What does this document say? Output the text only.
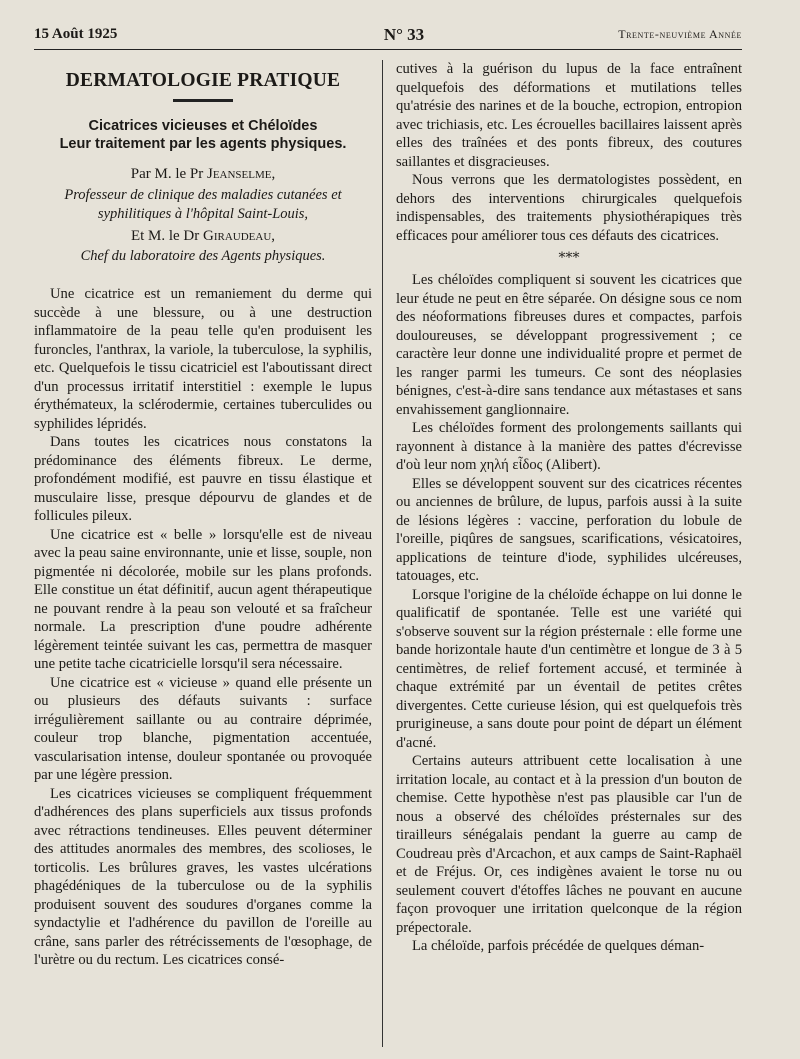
15 Août 1925	N° 33	Trente-neuvième Année
DERMATOLOGIE PRATIQUE
Cicatrices vicieuses et Chéloïdes
Leur traitement par les agents physiques.
Par M. le Pr Jeanselme,
Professeur de clinique des maladies cutanées et syphilitiques à l'hôpital Saint-Louis,
Et M. le Dr Giraudeau,
Chef du laboratoire des Agents physiques.

Une cicatrice est un remaniement du derme qui succède à une blessure, ou à une destruction inflammatoire de la peau telle qu'en produisent les furoncles, l'anthrax, la variole, la tuberculose, la syphilis, etc. Quelquefois le tissu cicatriciel est l'aboutissant direct d'un processus irritatif interstitiel : exemple le lupus érythémateux, la sclérodermie, certaines tuberculides ou syphilides lépridés.

Dans toutes les cicatrices nous constatons la prédominance des éléments fibreux. Le derme, profondément modifié, est pauvre en tissu élastique et musculaire lisse, presque dépourvu de glandes et de follicules pileux.

Une cicatrice est « belle » lorsqu'elle est de niveau avec la peau saine environnante, unie et lisse, souple, non pigmentée ni décolorée, mobile sur les plans profonds. Elle constitue un état définitif, aucun agent thérapeutique ne pouvant rendre à la peau son velouté et sa fraîcheur normale. La prescription d'une poudre adhérente légèrement teintée suivant les cas, permettra de masquer une petite tache cicatricielle lorsqu'il sera nécessaire.

Une cicatrice est « vicieuse » quand elle présente un ou plusieurs des défauts suivants : surface irrégulièrement saillante ou au contraire déprimée, couleur trop blanche, pigmentation accentuée, vascularisation intense, douleur spontanée ou provoquée par une légère pression.

Les cicatrices vicieuses se compliquent fréquemment d'adhérences des plans superficiels aux tissus profonds avec rétractions tendineuses. Elles peuvent déterminer des attitudes anormales des membres, des scolioses, le torticolis. Les brûlures graves, les vastes ulcérations phagédéniques de la tuberculose ou de la syphilis produisent souvent des soudures d'organes comme la syndactylie et l'adhérence du pavillon de l'oreille au crâne, sans parler des rétrécissements de l'œsophage, de l'urètre ou du rectum. Les cicatrices consé-

cutives à la guérison du lupus de la face entraînent quelquefois des déformations et mutilations telles qu'atrésie des narines et de la bouche, ectropion, entropion avec trichiasis, etc. Les écrouelles bacillaires laissent après elles des traînées et des ponts fibreux, des coutures saillantes et disgracieuses.

Nous verrons que les dermatologistes possèdent, en dehors des interventions chirurgicales quelquefois indispensables, des traitements physiothérapiques très efficaces pour améliorer tous ces défauts des cicatrices.

***

Les chéloïdes compliquent si souvent les cicatrices que leur étude ne peut en être séparée. On désigne sous ce nom des néoformations fibreuses dures et compactes, parfois douloureuses, se développant progressivement ; ce caractère leur donne une individualité propre et permet de les ranger parmi les tumeurs. Ce sont des néoplasies bénignes, c'est-à-dire sans tendance aux métastases et sans envahissement ganglionnaire.

Les chéloïdes forment des prolongements saillants qui rayonnent à distance à la manière des pattes d'écrevisse d'où leur nom χηλή εἶδος (Alibert).

Elles se développent souvent sur des cicatrices récentes ou anciennes de brûlure, de lupus, parfois aussi à la suite de lésions légères : vaccine, perforation du lobule de l'oreille, piqûres de sangsues, scarifications, vésicatoires, applications de teinture d'iode, syphilides ulcéreuses, tatouages, etc.

Lorsque l'origine de la chéloïde échappe on lui donne le qualificatif de spontanée. Telle est une variété qui s'observe souvent sur la région présternale : elle forme une bande horizontale haute d'un centimètre et longue de 3 à 5 centimètres, de relief fortement accusé, et terminée à chaque extrémité par un éventail de petites crêtes divergentes. Cette curieuse lésion, qui est quelquefois très prurigineuse, a sans doute pour point de départ un élément d'acné.

Certains auteurs attribuent cette localisation à une irritation locale, au contact et à la pression d'un bouton de chemise. Cette hypothèse n'est pas plausible car l'un de nous a observé des chéloïdes présternales sur des tirailleurs sénégalais pendant la guerre au camp de Coudreau près d'Arcachon, et aux camps de Saint-Raphaël et de Fréjus. Or, ces indigènes avaient le torse nu ou seulement couvert d'étoffes lâches ne pouvant en aucune façon provoquer une irritation quelconque de la région prépectorale.

La chéloïde, parfois précédée de quelques déman-
